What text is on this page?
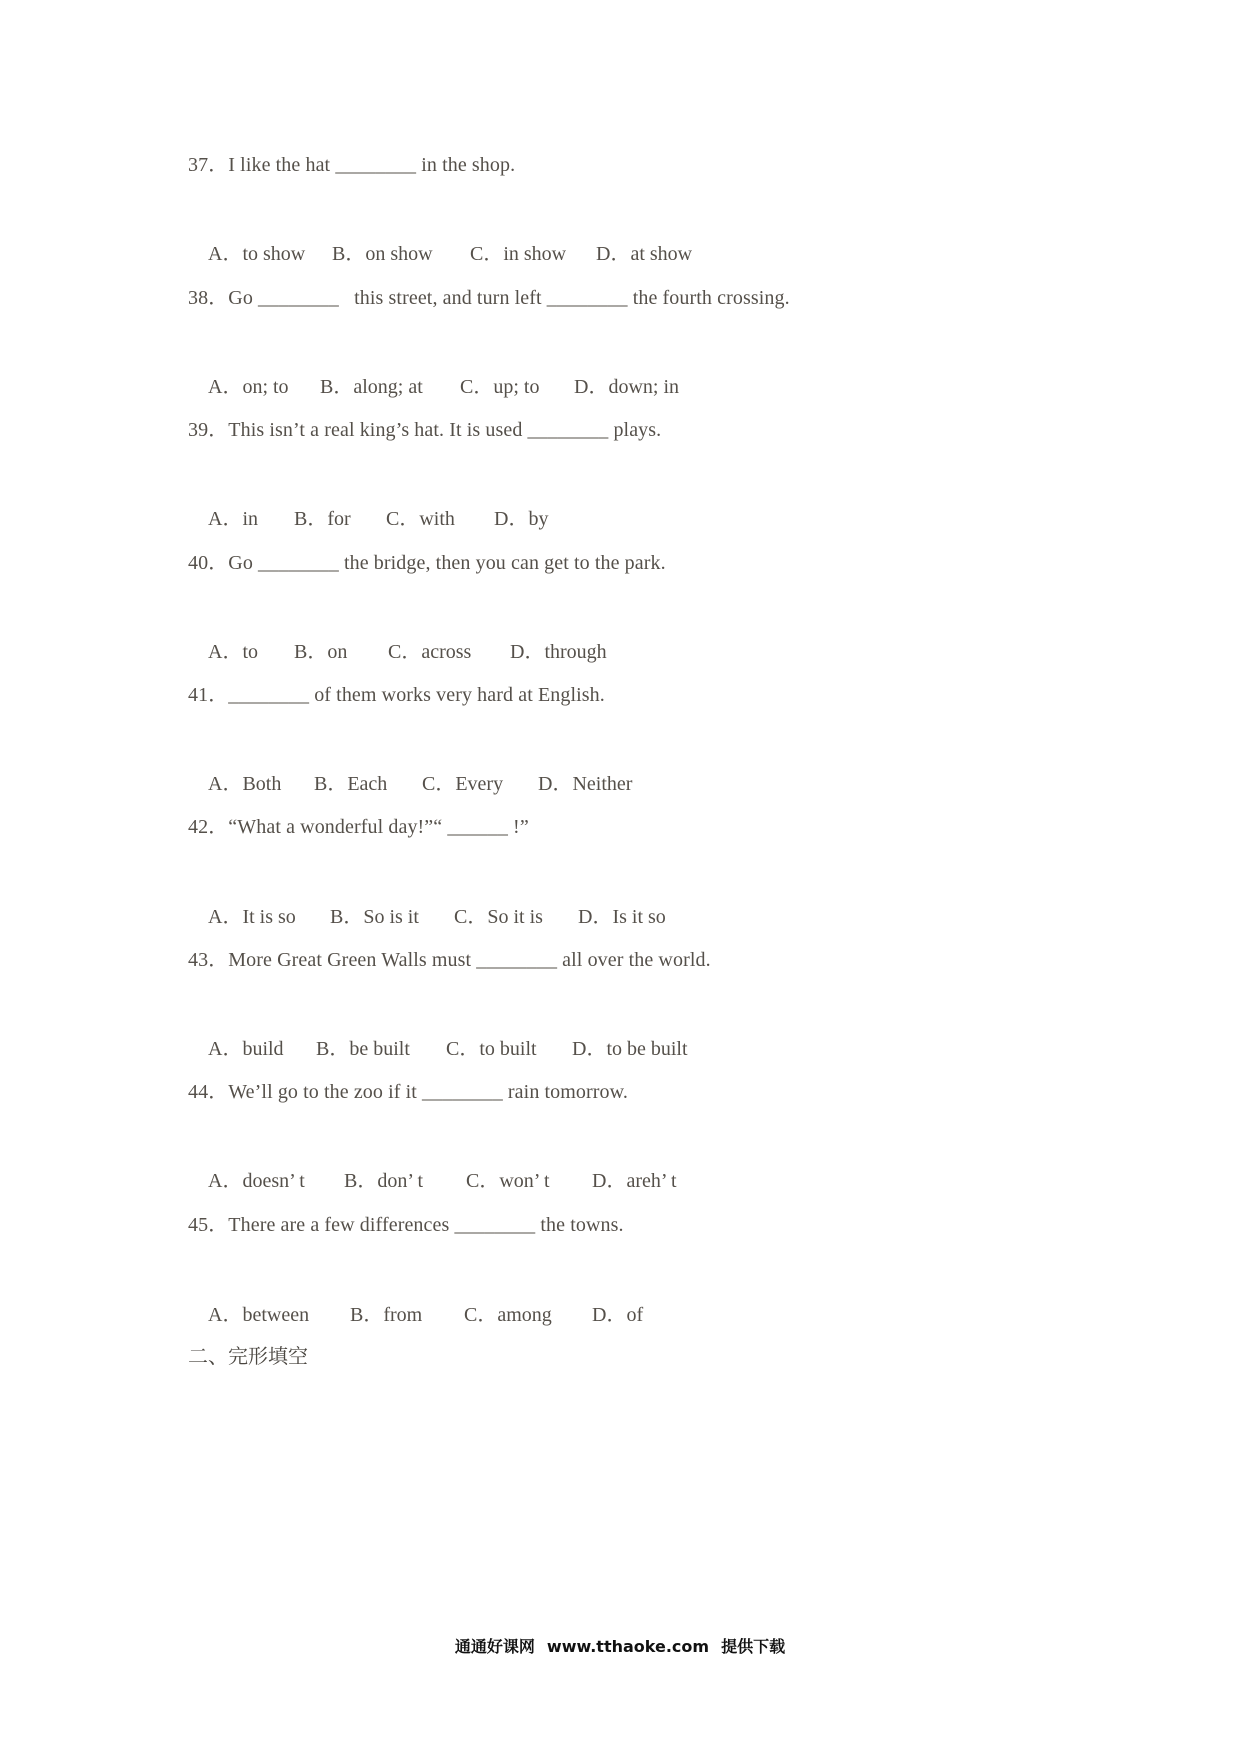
37．I like the hat ________ in the shop.

A．to show B．on show C．in show D．at show

38．Go ________   this street, and turn left ________ the fourth crossing.

A．on; to B．along; at C．up; to D．down; in

39．This isn’t a real king’s hat. It is used ________ plays.

A．in B．for C．with D．by

40．Go ________ the bridge, then you can get to the park.

A．to B．on C．across D．through

41．________ of them works very hard at English.

A．Both B．Each C．Every D．Neither

42．“What a wonderful day!”“ ______ !”

A．It is so B．So is it C．So it is D．Is it so

43．More Great Green Walls must ________ all over the world.

A．build B．be built C．to built D．to be built

44．We’ll go to the zoo if it ________ rain tomorrow.

A．doesn’ t B．don’ t C．won’ t D．areh’ t

45．There are a few differences ________ the towns.

A．between B．from C．among D．of

二、完形填空
通通好课网 www.tthaoke.com 提供下载
